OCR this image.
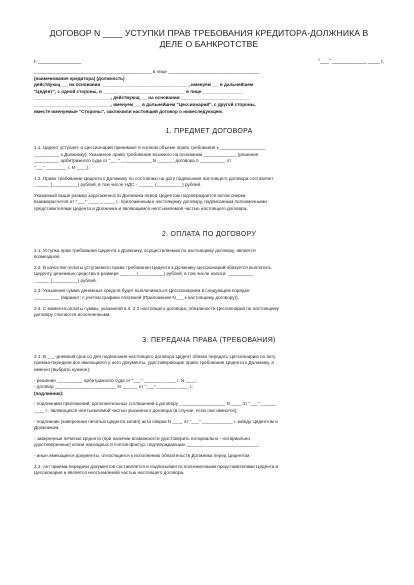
ДОГОВОР N ____ УСТУПКИ ПРАВ ТРЕБОВАНИЯ КРЕДИТОРА-ДОЛЖНИКА В ДЕЛЕ О БАНКРОТСТВЕ
г. _______________	"___" ____________ ____ г.
______________________________________________ в лице ____________________________________
(наименование кредитора) (должность)
действующ___ на основании __________________________________, именуем___ в дальнейшем
"Цедент", с одной стороны, и ________________________________ в лице ________________
______________________________, действующ___ на основании ___________________________
______________________________, именуем___ в дальнейшем "Цессионарий", с другой стороны,
вместе именуемые "Стороны", заключили настоящий договор о нижеследующем:
1. ПРЕДМЕТ ДОГОВОРА
1.1. Цедент уступает, а Цессионарий принимает в полном объеме право требования к __________________
__________ к Должнику). Указанное право требования возникло на основании _____________ (решения
__________ арбитражного суда от "___" ____________ N ______, договора о __________ от
"___" ________ г. N ____).
1.2. Право требования Цедента к Должнику по состоянию на дату подписания настоящего договора составляет
______ (__________) рублей, в том числе НДС - ______ (__________) рублей.
Указанный выше размер задолженности Должника перед Цедентом подтверждается актом сверки
взаиморасчетов от "___" ______ ____ г., приложенным к настоящему договору, подписанным полномочными
представителями Цедента и Должника и являющимся неотъемлемой частью настоящего договора.
2. ОПЛАТА ПО ДОГОВОРУ
2.1. Уступка прав требования Цедента к Должнику, осуществляемая по настоящему договору, является
возмездной.
2.2. В качестве оплаты уступаемого права требования Цедента к Должнику Цессионарий обязуется выплатить
Цеденту денежные средства в размере ______ (__________) рублей, в том числе налоги: __________
______ (__________) рублей.
2.3. Указанная сумма денежных средств будет выплачиваться Цессионарием в следующем порядке:
__________ (вариант: с учетом графика платежей (Приложение N___ к настоящему договору)).
2.4. С момента оплаты суммы, указанной в п. 2.2 настоящего договора, обязанности Цессионария по настоящему
договору считаются исполненными.
3. ПЕРЕДАЧА ПРАВА (ТРЕБОВАНИЯ)
3.1. В ___-дневный срок со дня подписания настоящего договора Цедент обязан передать Цессионарию по акту
приема-передачи все имеющиеся у него документы, удостоверяющие право требования Цедента к Должнику, а
именно (выбрать нужное):
- решение __________ арбитражного суда от "___" ________ ____ г. N ____;
- договор ________________________ N ______ от "___" ________ ____ г.;
(подлинник):
- подлинники приложений, дополнительных соглашений к договору __________________ N ____ от "___" ______
____ г., являющихся неотъемлемой частью указанного договора (в случае, если они имеются);
- подлинник (заверенная печатью Цедента копия) акта сверки N ____ от "___" ____________ г. между Цедентом и
Должником;
- заверенные печатью Цедента (при наличии возможности удостоверить нотариально - нотариально
удостоверенные) копии накладных и счетов-фактур, подтверждающих ____________________________;
- иные имеющиеся документы, относящиеся к исполнению обязательств Должника перед Цедентом.
3.2. Акт приема-передачи документов составляется и подписывается полномочными представителями Цедента и
Цессионария и является неотъемлемой частью настоящего договора.
